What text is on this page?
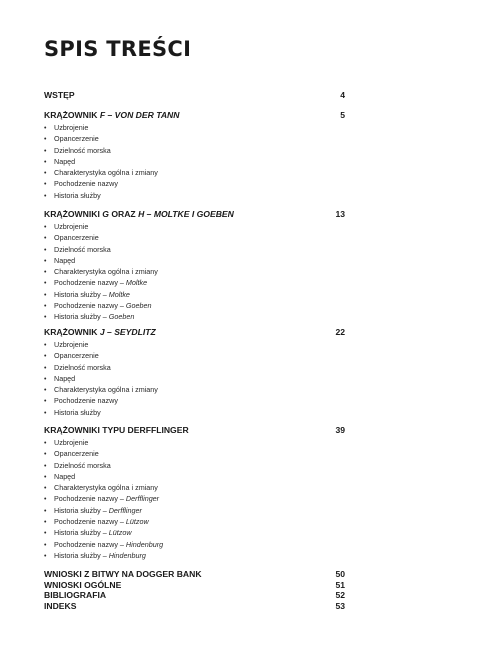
SPIS TREŚCI
WSTĘP	4
KRĄŻOWNIK F – VON DER TANN	5
• Uzbrojenie
• Opancerzenie
• Dzielność morska
• Napęd
• Charakterystyka ogólna i zmiany
• Pochodzenie nazwy
• Historia służby
KRĄŻOWNIKI G ORAZ H – MOLTKE I GOEBEN	13
• Uzbrojenie
• Opancerzenie
• Dzielność morska
• Napęd
• Charakterystyka ogólna i zmiany
• Pochodzenie nazwy – Moltke
• Historia służby – Moltke
• Pochodzenie nazwy – Goeben
• Historia służby – Goeben
KRĄŻOWNIK J – SEYDLITZ	22
• Uzbrojenie
• Opancerzenie
• Dzielność morska
• Napęd
• Charakterystyka ogólna i zmiany
• Pochodzenie nazwy
• Historia służby
KRĄŻOWNIKI TYPU DERFFLINGER	39
• Uzbrojenie
• Opancerzenie
• Dzielność morska
• Napęd
• Charakterystyka ogólna i zmiany
• Pochodzenie nazwy – Derfflinger
• Historia służby – Derfflinger
• Pochodzenie nazwy – Lützow
• Historia służby – Lützow
• Pochodzenie nazwy – Hindenburg
• Historia służby – Hindenburg
WNIOSKI Z BITWY NA DOGGER BANK	50
WNIOSKI OGÓLNE	51
BIBLIOGRAFIA	52
INDEKS	53
